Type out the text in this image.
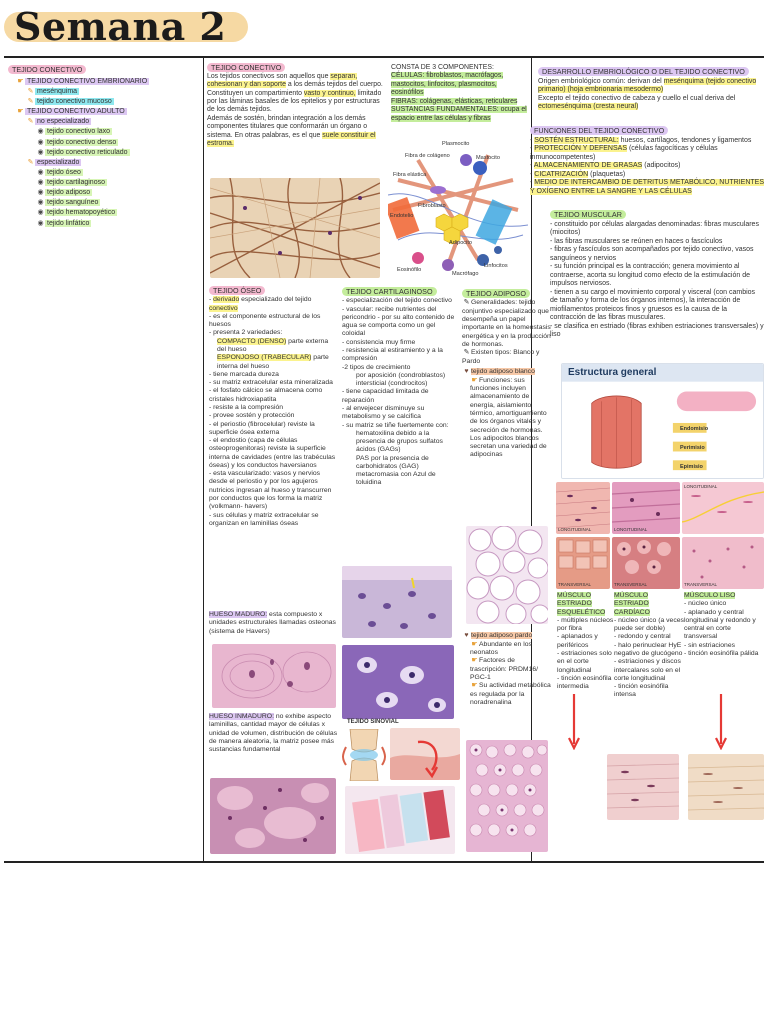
Semana 2
TEJIDO CONECTIVO
☛ TEJIDO CONECTIVO EMBRIONARIO
✎ mesénquima
✎ tejido conectivo mucoso
☛ TEJIDO CONECTIVO ADULTO
✎ no especializado
◉ tejido conectivo laxo
◉ tejido conectivo denso
◉ tejido conectivo reticulado
✎ especializado
◉ tejido óseo
◉ tejido cartilaginoso
◉ tejido adiposo
◉ tejido sanguíneo
◉ tejido hematopoyético
◉ tejido linfático
TEJIDO CONECTIVO
Los tejidos conectivos son aquellos que separan, cohesionan y dan soporte a los demás tejidos del cuerpo.
Constituyen un compartimiento vasto y continuo, limitado por las láminas basales de los epitelios y por estructuras de los demás tejidos.
Además de sostén, brindan integración a los demás componentes titulares que conformarán un órgano o sistema. En otras palabras, es el que suele constituir el estroma.
CONSTA DE 3 COMPONENTES:
CÉLULAS: fibroblastos, macrófagos, mastocitos, linfocitos, plasmocitos, eosinófilos
FIBRAS: colágenas, elásticas, reticulares
SUSTANCIAS FUNDAMENTALES: ocupa el espacio entre las células y fibras
Plasmocito
Fibra de colágeno	Mastocito
Fibra elástica
Fibroblasto
Endotelio
Adipocito
Eosinófilo
Linfocitos
Macrófago
TEJIDO ÓSEO
- derivado especializado del tejido conectivo
- es el componente estructural de los huesos
- presenta 2 variedades:
COMPACTO (DENSO) parte externa del hueso
ESPONJOSO (TRABECULAR) parte interna del hueso
- tiene marcada dureza
- su matriz extracelular esta mineralizada
- el fosfato cálcico se almacena como cristales hidroxiapatita
- resiste a la compresión
- provee sostén y protección
- el periostio (fibrocelular) reviste la superficie ósea externa
- el endostio (capa de células osteoprogenitoras) reviste la superficie interna de cavidades (entre las trabéculas óseas) y los conductos haversianos
- esta vascularizado: vasos y nervios desde el periostio y por los agujeros nutricios ingresan al hueso y transcurren por conductos que los forma la matriz (volkmann- havers)
- sus células y matriz extracelular se organizan en laminillas óseas
HUESO MADURO: esta compuesto x unidades estructurales llamadas osteonas (sistema de Havers)
HUESO INMADURO: no exhibe aspecto laminillas, cantidad mayor de células x unidad de volumen, distribución de células de manera aleatoria, la matriz posee más sustancias fundamental
TEJIDO CARTILAGINOSO
- especialización del tejido conectivo
- vascular: recibe nutrientes del pericondrio - por su alto contenido de agua se comporta como un gel coloidal
- consistencia muy firme
- resistencia al estiramiento y a la compresión
-2 tipos de crecimiento
por aposición (condroblastos)
intersticial (condrocitos)
- tiene capacidad limitada de reparación
- al envejecer disminuye su metabolismo y se calcifica
- su matriz se tiñe fuertemente con:
hematoxilina debido a la presencia de grupos sulfatos ácidos (GAGs)
PAS por la presencia de carbohidratos (GAG)
metacromasia con Azul de toluidina
TEJIDO SINOVIAL
TEJIDO ADIPOSO
✎ Generalidades: tejido conjuntivo especializado que desempeña un papel importante en la homeostasis energética y en la producción de hormonas.
✎ Existen tipos: Blanco y Pardo
♥ tejido adiposo blanco
☛Funciones: sus funciones incluyen almacenamiento de energía, aislamiento térmico, amortiguamiento de los órganos vitales y secreción de hormonas. Los adipocitos blancos secretan una variedad de adipocinas
♥ tejido adiposo pardo
☛Abundante en los neonatos
☛Factores de trascripción: PRDM16/ PGC-1
☛Su actividad metabólica es regulada por la noradrenalina
DESARROLLO EMBRIOLÓGICO O DEL TEJIDO CONECTIVO
Origen embriológico común: derivan del mesénquima (tejido conectivo primario) (hoja embrionaria mesodermo)
Excepto el tejido conectivo de cabeza y cuello el cual deriva del ectomesénquima (cresta neural)
FUNCIONES DEL TEJIDO CONECTIVO
- SOSTÉN ESTRUCTURAL: huesos, cartílagos, tendones y ligamentos
- PROTECCIÓN Y DEFENSAS (células fagocíticas y células inmunocompetentes)
- ALMACENAMIENTO DE GRASAS (adipocitos)
- CICATRIZACIÓN (plaquetas)
- MEDIO DE INTERCAMBIO DE DETRITUS METABÓLICO, NUTRIENTES Y OXÍGENO ENTRE LA SANGRE Y LAS CÉLULAS
TEJIDO MUSCULAR
- constituido por células alargadas denominadas: fibras musculares (miocitos)
- las fibras musculares se reúnen en haces o fascículos
- fibras y fascículos son acompañados por tejido conectivo, vasos sanguíneos y nervios
- su función principal es la contracción; genera movimiento al contraerse, acorta su longitud como efecto de la estimulación de impulsos nerviosos.
- tienen a su cargo el movimiento corporal y visceral (con cambios de tamaño y forma de los órganos internos), la interacción de miofilamentos proteicos finos y gruesos es la causa de la contracción de las fibras musculares.
- se clasifica en estriado (fibras exhiben estriaciones transversales) y liso
Estructura general
Endomisio
Perimisio
Epimisio
LONGITUDINAL	LONGITUDINAL
LONGITUDINAL
TRANSVERSAL	TRANSVERSAL	TRANSVERSAL
MÚSCULO ESTRIADO ESQUELÉTICO
- múltiples núcleos por fibra
- aplanados y periféricos
- estriaciones solo en el corte longitudinal
- tinción eosinófila intermedia
MÚSCULO ESTRIADO CARDÍACO
- núcleo único (a veces puede ser doble)
- redondo y central
- halo perinuclear HyE negativo de glucógeno
- estriaciones y discos intercalares solo en el corte longitudinal
- tinción eosinófila intensa
MÚSCULO LISO
- núcleo único
- aplanado y central longitudinal y redondo y central en corte transversal
- sin estriaciones
- tinción eosinófila pálida
